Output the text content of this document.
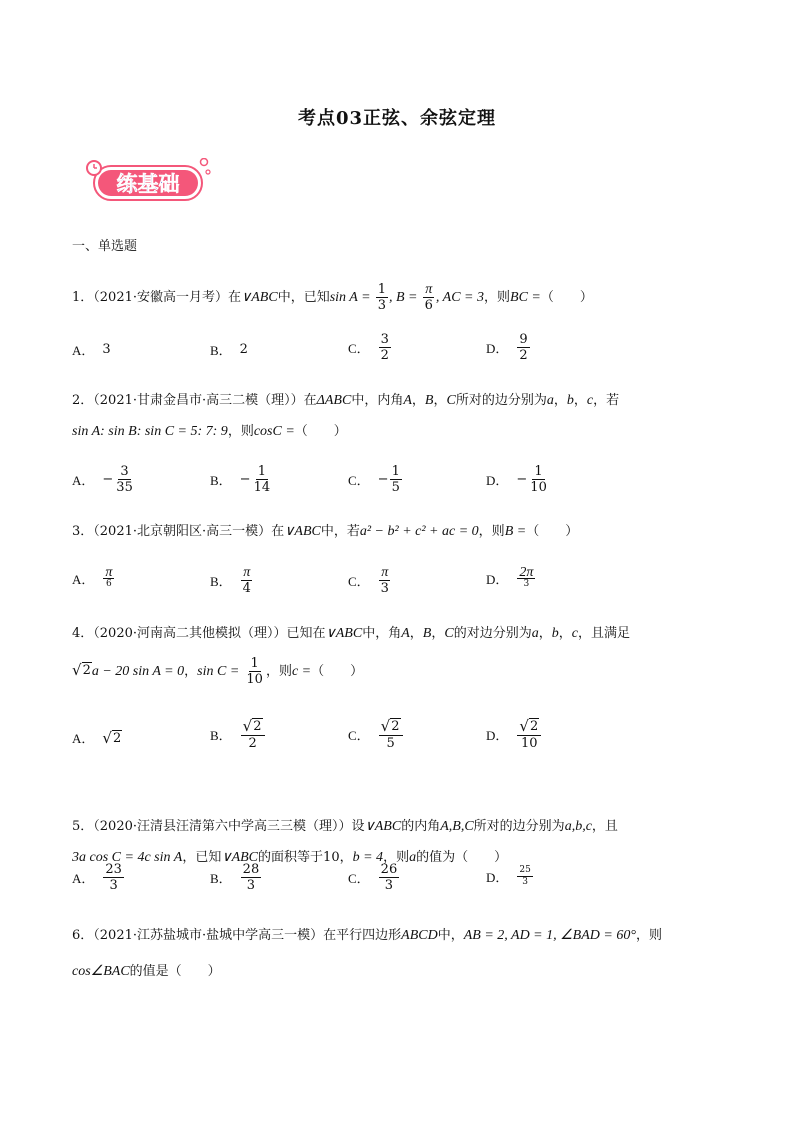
考点03正弦、余弦定理
练基础
一、单选题
1．（2021·安徽高一月考）在∨ABC中，已知$\sin A = \frac{1}{3}$ , $B = \frac{\pi}{6}$ , AC = 3，则BC =（　　）
A． 3	B． 2	C． $\frac{3}{2}$	D． $\frac{9}{2}$
2．（2021·甘肃金昌市·高三二模（理））在ΔABC中，内角A，B，C所对的边分别为a，b，c，若
sin A: sin B: sin C = 5: 7: 9，则cosC =（　　）
A． − $\frac{3}{35}$	B． − $\frac{1}{14}$	C． − $\frac{1}{5}$	D． − $\frac{1}{10}$
3．（2021·北京朝阳区·高三一模）在∨ABC中，若a² − b² + c² + ac = 0，则B =（　　）
A． $\frac{\pi}{6}$	B． $\frac{\pi}{4}$	C． $\frac{\pi}{3}$	D． $\frac{2\pi}{3}$
4．（2020·河南高二其他模拟（理））已知在∨ABC中，角A，B，C的对边分别为a，b，c，且满足
√ 2 a − 20 sin A = 0，$\sin C = \frac{1}{10}$ ，则c =（　　）
A． √ 2	B． $\frac{√ 2}{2}$	C． $\frac{√ 2}{5}$	D． $\frac{√ 2}{10}$
5．（2020·汪清县汪清第六中学高三三模（理））设∨ABC的内角A,B,C所对的边分别为a,b,c，且
3a cos C = 4c sin A，已知∨ABC的面积等于10，b = 4，则a的值为（　　）
A． $\frac{23}{3}$	B． $\frac{28}{3}$	C． $\frac{26}{3}$	D． $\frac{25}{3}$
6．（2021·江苏盐城市·盐城中学高三一模）在平行四边形ABCD中，AB = 2, AD = 1, ∠BAD = 60°，则
cos∠BAC的值是（　　）
